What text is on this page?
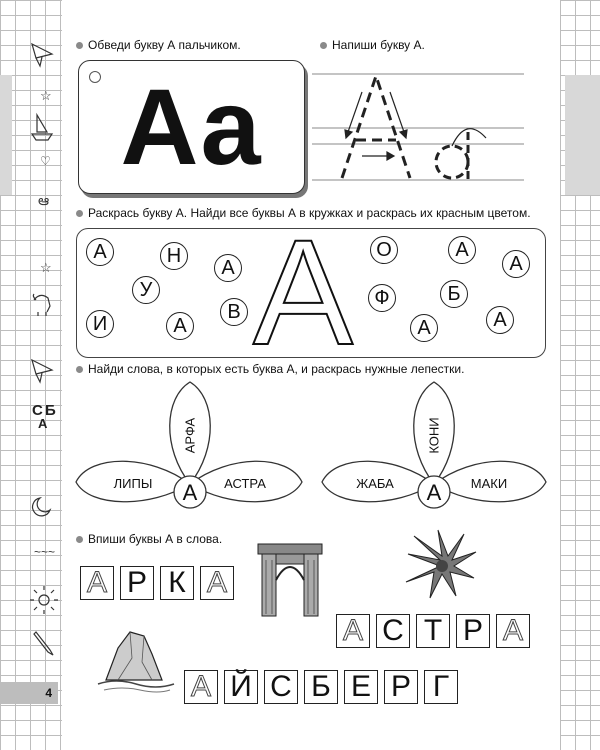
☆
♡
ఆ
☆
С Б
А
~~~
Обведи букву А пальчиком.	Напиши букву А.
Aa
Раскрась букву А. Найди все буквы А в кружках и раскрась их красным цветом.
А
А	Н
А
У
А
В
И
О	А
А
Ф	Б
А	А
Найди слова, в которых есть буква А, и раскрась нужные лепестки.
ЛИПЫ	АСТРА
АРФА
А	ЖАБА	МАКИ
КОНИ
А
Впиши буквы А в слова.
А Р К А
А С Т Р А
А Й С Б Е Р Г
4
